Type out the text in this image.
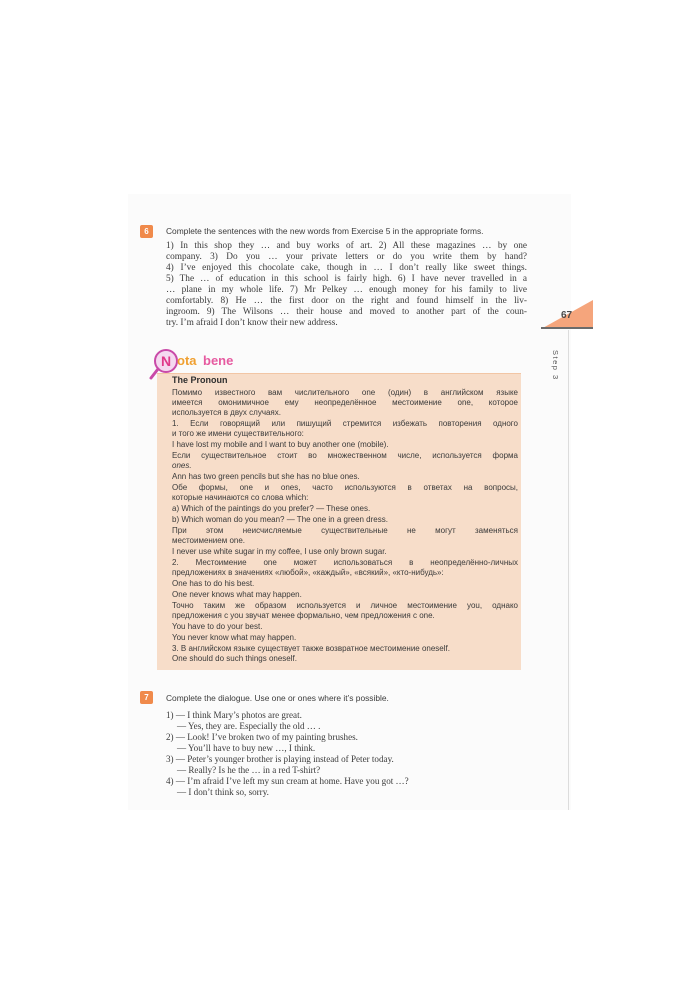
6	Complete the sentences with the new words from Exercise 5 in the appropriate forms.
1) In this shop they … and buy works of art. 2) All these magazines … by one
company. 3) Do you … your private letters or do you write them by hand?
4) I’ve enjoyed this chocolate cake, though in … I don’t really like sweet things.
5) The … of education in this school is fairly high. 6) I have never travelled in a
… plane in my whole life. 7) Mr Pelkey … enough money for his family to live
comfortably. 8) He … the first door on the right and found himself in the liv-
ingroom. 9) The Wilsons … their house and moved to another part of the coun-
try. I’m afraid I don’t know their new address.
67
Step 3
N ota bene
The Pronoun
Помимо известного вам числительного one (один) в английском языке
имеется омонимичное ему неопределённое местоимение one, которое
используется в двух случаях.
1. Если говорящий или пишущий стремится избежать повторения одного
и того же имени существительного:
I have lost my mobile and I want to buy another one (mobile).
Если существительное стоит во множественном числе, используется форма
ones.
Ann has two green pencils but she has no blue ones.
Обе формы, one и ones, часто используются в ответах на вопросы,
которые начинаются со слова which:
a) Which of the paintings do you prefer? — These ones.
b) Which woman do you mean? — The one in a green dress.
При этом неисчисляемые существительные не могут заменяться
местоимением one.
I never use white sugar in my coffee, I use only brown sugar.
2. Местоимение one может использоваться в неопределённо-личных
предложениях в значениях «любой», «каждый», «всякий», «кто-нибудь»:
One has to do his best.
One never knows what may happen.
Точно таким же образом используется и личное местоимение you, однако
предложения с you звучат менее формально, чем предложения с one.
You have to do your best.
You never know what may happen.
3. В английском языке существует также возвратное местоимение oneself.
One should do such things oneself.
7	Complete the dialogue. Use one or ones where it’s possible.
1) — I think Mary’s photos are great.
— Yes, they are. Especially the old … .
2) — Look! I’ve broken two of my painting brushes.
— You’ll have to buy new …, I think.
3) — Peter’s younger brother is playing instead of Peter today.
— Really? Is he the … in a red T-shirt?
4) — I’m afraid I’ve left my sun cream at home. Have you got …?
— I don’t think so, sorry.
